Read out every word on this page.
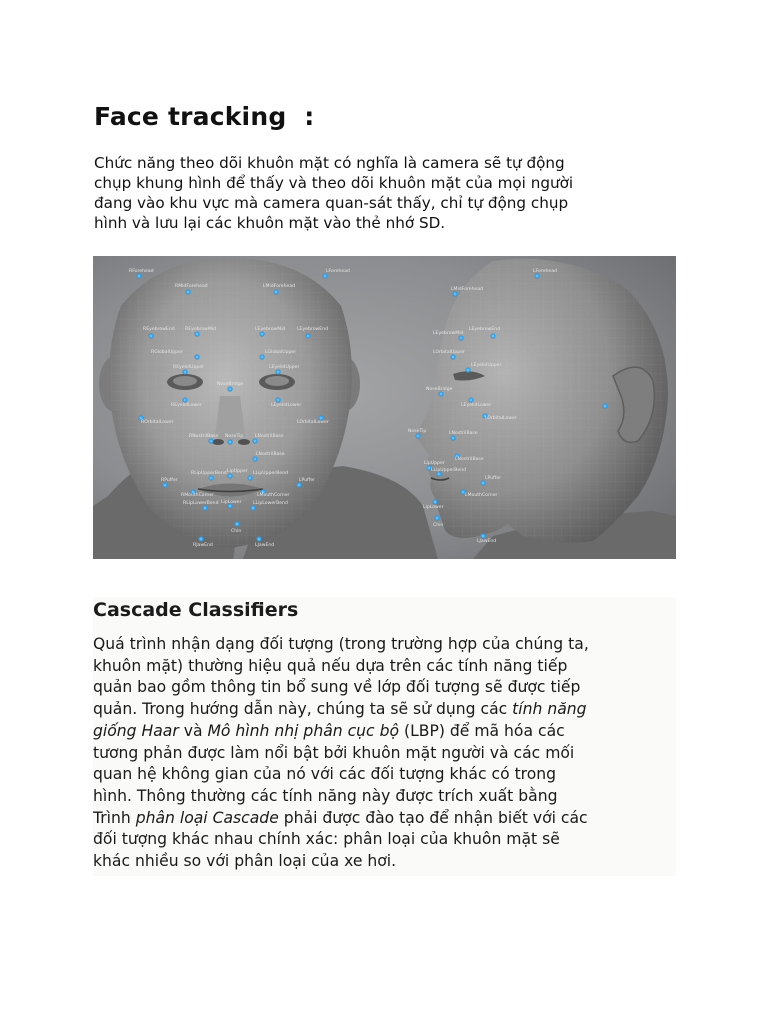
Face tracking  :

Chức năng theo dõi khuôn mặt có nghĩa là camera sẽ tự động
chụp khung hình để thấy và theo dõi khuôn mặt của mọi người
đang vào khu vực mà camera quan-sát thấy, chỉ tự động chụp
hình và lưu lại các khuôn mặt vào thẻ nhớ SD.

RForehead	LForehead
RMidForehead	LMidForehead
REyebrowEnd REyebrowMid	LEyebrowMid	LEyebrowEnd
RGlobalUpper	LGlobalUpper
REyelidUpper	LEyelidUpper
NoseBridge
REyelidLower	LEyelidLower
ROrbitalLower	LOrbitalLower
NoseTip
RNostrilBase	LNostrilBase
LNostrilBase
RLipUpperBend LipUpper LLipUpperBend
RPuffer	LPuffer
RMouthCorner	LMouthCorner
RLipLowerBend LipLower LLipLowerBend
Chin
RJawEnd	LJawEnd
LForehead
LMidForehead
LEyebrowEnd
LEyebrowMid
LOrbitalUpper
LEyelidUpper
NoseBridge
LEyelidLower
LOrbitalLower
NoseTip	LNostrilBase
LNostrilBase
LipUpper
LLipUpperBend
LPuffer
LMouthCorner
LipLower
Chin
LJawEnd
Cascade Classifiers

Quá trình nhận dạng đối tượng (trong trường hợp của chúng ta,
khuôn mặt) thường hiệu quả nếu dựa trên các tính năng tiếp
quản bao gồm thông tin bổ sung về lớp đối tượng sẽ được tiếp
quản. Trong hướng dẫn này, chúng ta sẽ sử dụng các tính năng
giống Haar và Mô hình nhị phân cục bộ (LBP) để mã hóa các
tương phản được làm nổi bật bởi khuôn mặt người và các mối
quan hệ không gian của nó với các đối tượng khác có trong
hình. Thông thường các tính năng này được trích xuất bằng
Trình phân loại Cascade phải được đào tạo để nhận biết với các
đối tượng khác nhau chính xác: phân loại của khuôn mặt sẽ
khác nhiều so với phân loại của xe hơi.
